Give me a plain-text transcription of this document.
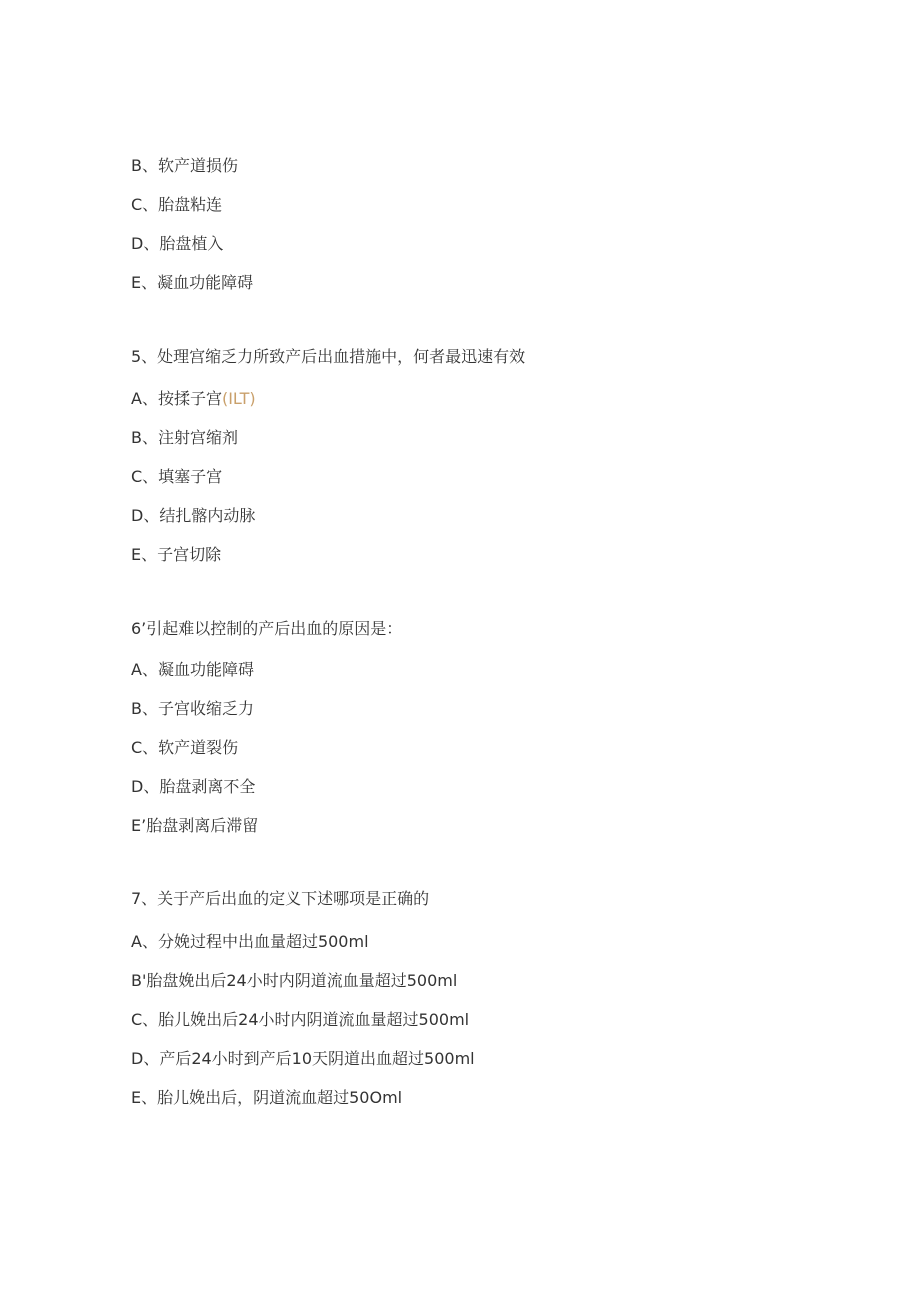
B、软产道损伤
C、胎盘粘连
D、胎盘植入
E、凝血功能障碍
5、处理宫缩乏力所致产后出血措施中，何者最迅速有效
A、按揉子宫(ILT)
B、注射宫缩剂
C、填塞子宫
D、结扎髂内动脉
E、子宫切除
6’引起难以控制的产后出血的原因是：
A、凝血功能障碍
B、子宫收缩乏力
C、软产道裂伤
D、胎盘剥离不全
E’胎盘剥离后滞留
7、关于产后出血的定义下述哪项是正确的
A、分娩过程中出血量超过500ml
B'胎盘娩出后24小时内阴道流血量超过500ml
C、胎儿娩出后24小时内阴道流血量超过500ml
D、产后24小时到产后10天阴道出血超过500ml
E、胎儿娩出后，阴道流血超过50Oml
